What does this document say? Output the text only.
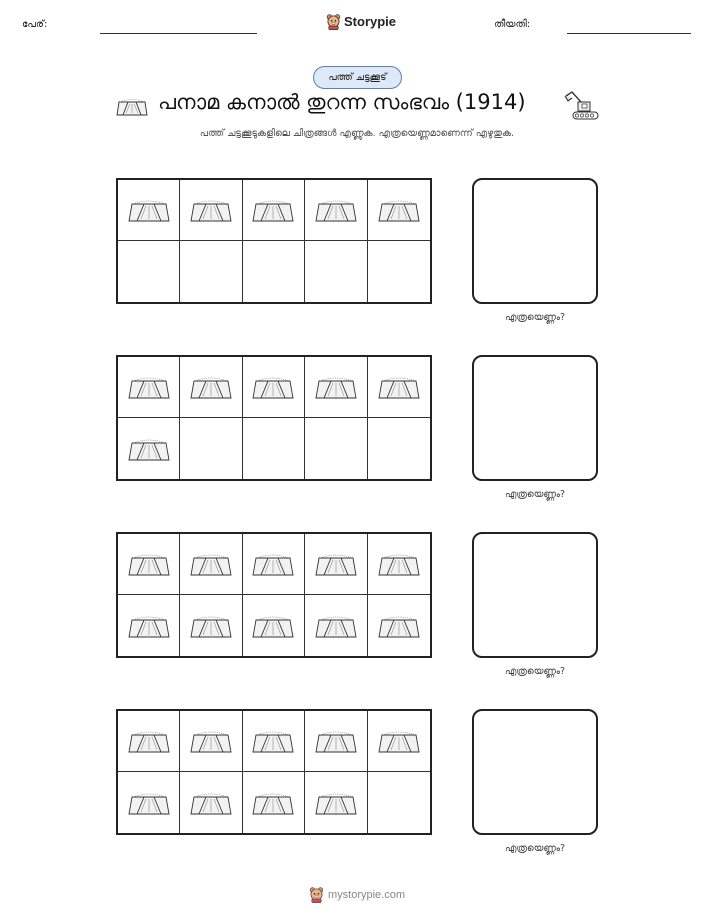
പേര്:	Storypie	തീയതി:
പത്ത് ചട്ടക്കൂട്
പനാമ കനാൽ തുറന്ന സംഭവം (1914)
പത്ത് ചട്ടക്കൂടുകളിലെ ചിത്രങ്ങൾ എണ്ണുക. എത്രയെണ്ണമാണെന്ന് എഴുതുക.
എത്രയെണ്ണം?
എത്രയെണ്ണം?
എത്രയെണ്ണം?
എത്രയെണ്ണം?
mystorypie.com
